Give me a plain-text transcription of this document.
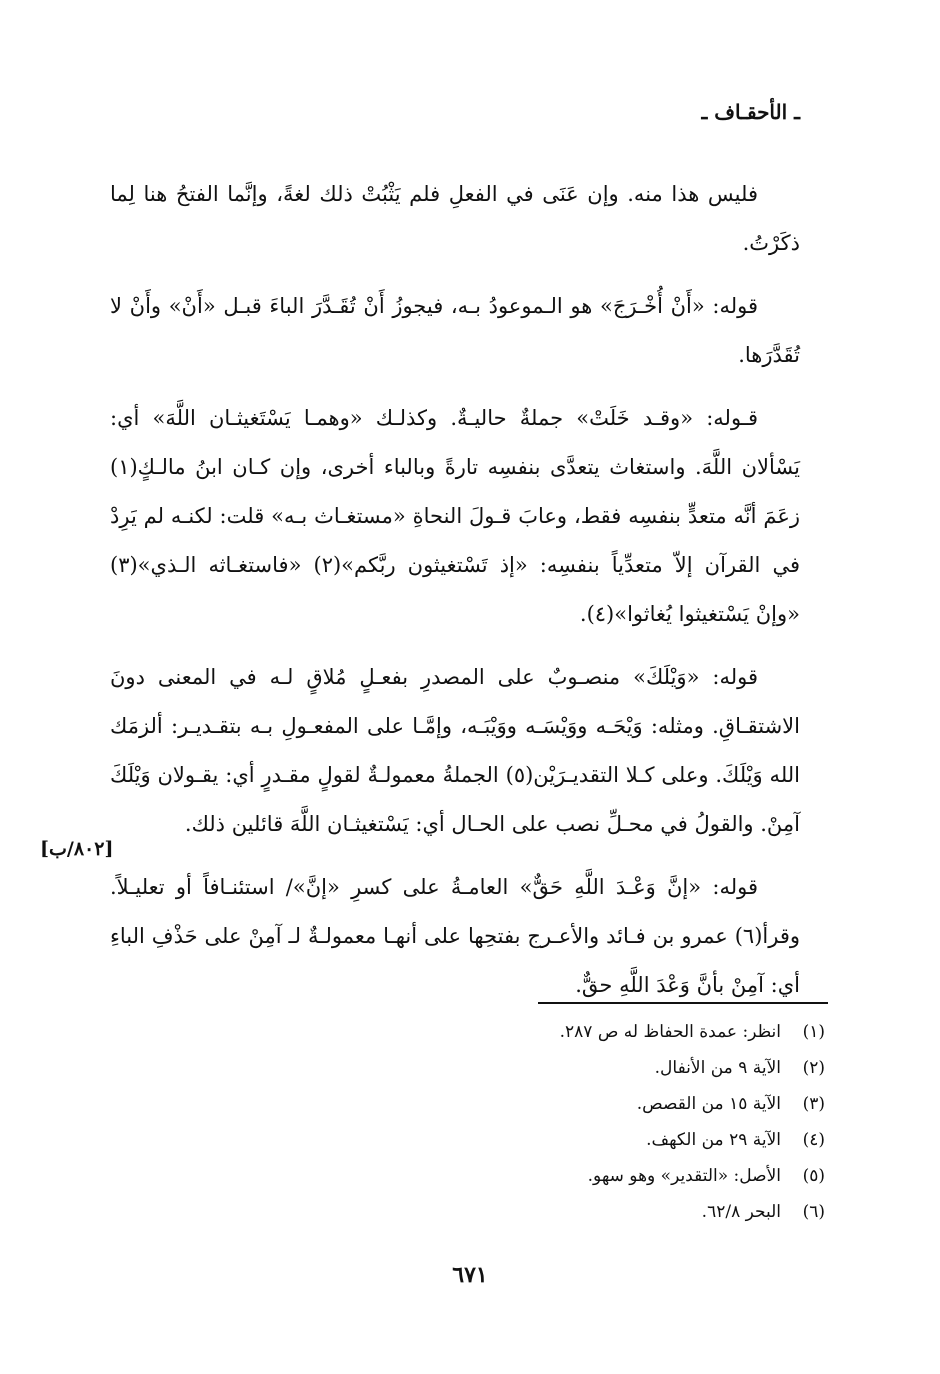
ـ الأحقـاف ـ

فليس هذا منه. وإن عَنَى في الفعلِ فلم يَثْبُتْ ذلك لغةً، وإنَّما الفتحُ هنا لِما ذكَرْتُ.

قوله: «أَنْ أُخْـرَجَ» هو الـموعودُ بـه، فيجوزُ أَنْ تُقَـدَّرَ الباءَ قبـل «أَنْ» وأَنْ لا تُقَدَّرَها.

قـوله: «وقـد خَلَتْ» جملةٌ حاليـةٌ. وكذلـك «وهمـا يَسْتَغيثـان اللَّهَ» أي: يَسْألان اللَّهَ. واستغاث يتعدَّى بنفسِه تارةً وبالباء أخرى، وإن كـان ابنُ مالـكٍ(١) زعَمَ أنَّه متعدٍّ بنفسِه فقط، وعابَ قـولَ النحاةِ «مستغـاث بـه» قلت: لكنـه لم يَرِدْ في القرآن إلاّ متعدِّياً بنفسِه: «إذ تَسْتغيثون ربَّكم»(٢) «فاستغـاثه الـذي»(٣) «وإنْ يَسْتغيثوا يُغاثوا»(٤).

قوله: «وَيْلَكَ» منصـوبٌ على المصدرِ بفعـلٍ مُلاقٍ لـه في المعنى دونَ الاشتقـاقِ. ومثله: وَيْحَـه ووَيْسَـه ووَيْبَـه، وإمَّـا على المفعـولِ بـه بتقـديـر: ألزمَك الله وَيْلَكَ. وعلى كـلا التقديـرَيْن(٥) الجملةُ معمولـةٌ لقولٍ مقـدرٍ أي: يقـولان وَيْلَكَ آمِنْ. والقولُ في محـلِّ نصب على الحـال أي: يَسْتغيثـان اللَّهَ قائلين ذلك.

قوله: «إنَّ وَعْـدَ اللَّهِ حَقٌّ» العامـةُ على كسرِ «إنَّ»/ استئنـافاً أو تعليـلاً. وقرأ(٦) عمرو بن فـائد والأعـرج بفتحِها على أنهـا معمولـةٌ لـ آمِنْ على حَذْفِ الباءِ أي: آمِنْ بأنَّ وَعْدَ اللَّهِ حقٌّ.

[٨٠٢/ب]
(١)انظر: عمدة الحفاظ له ص ٢٨٧.
(٢)الآية ٩ من الأنفال.
(٣)الآية ١٥ من القصص.
(٤)الآية ٢٩ من الكهف.
(٥)الأصل: «التقدير» وهو سهو.
(٦)البحر ٦٢/٨.
٦٧١
